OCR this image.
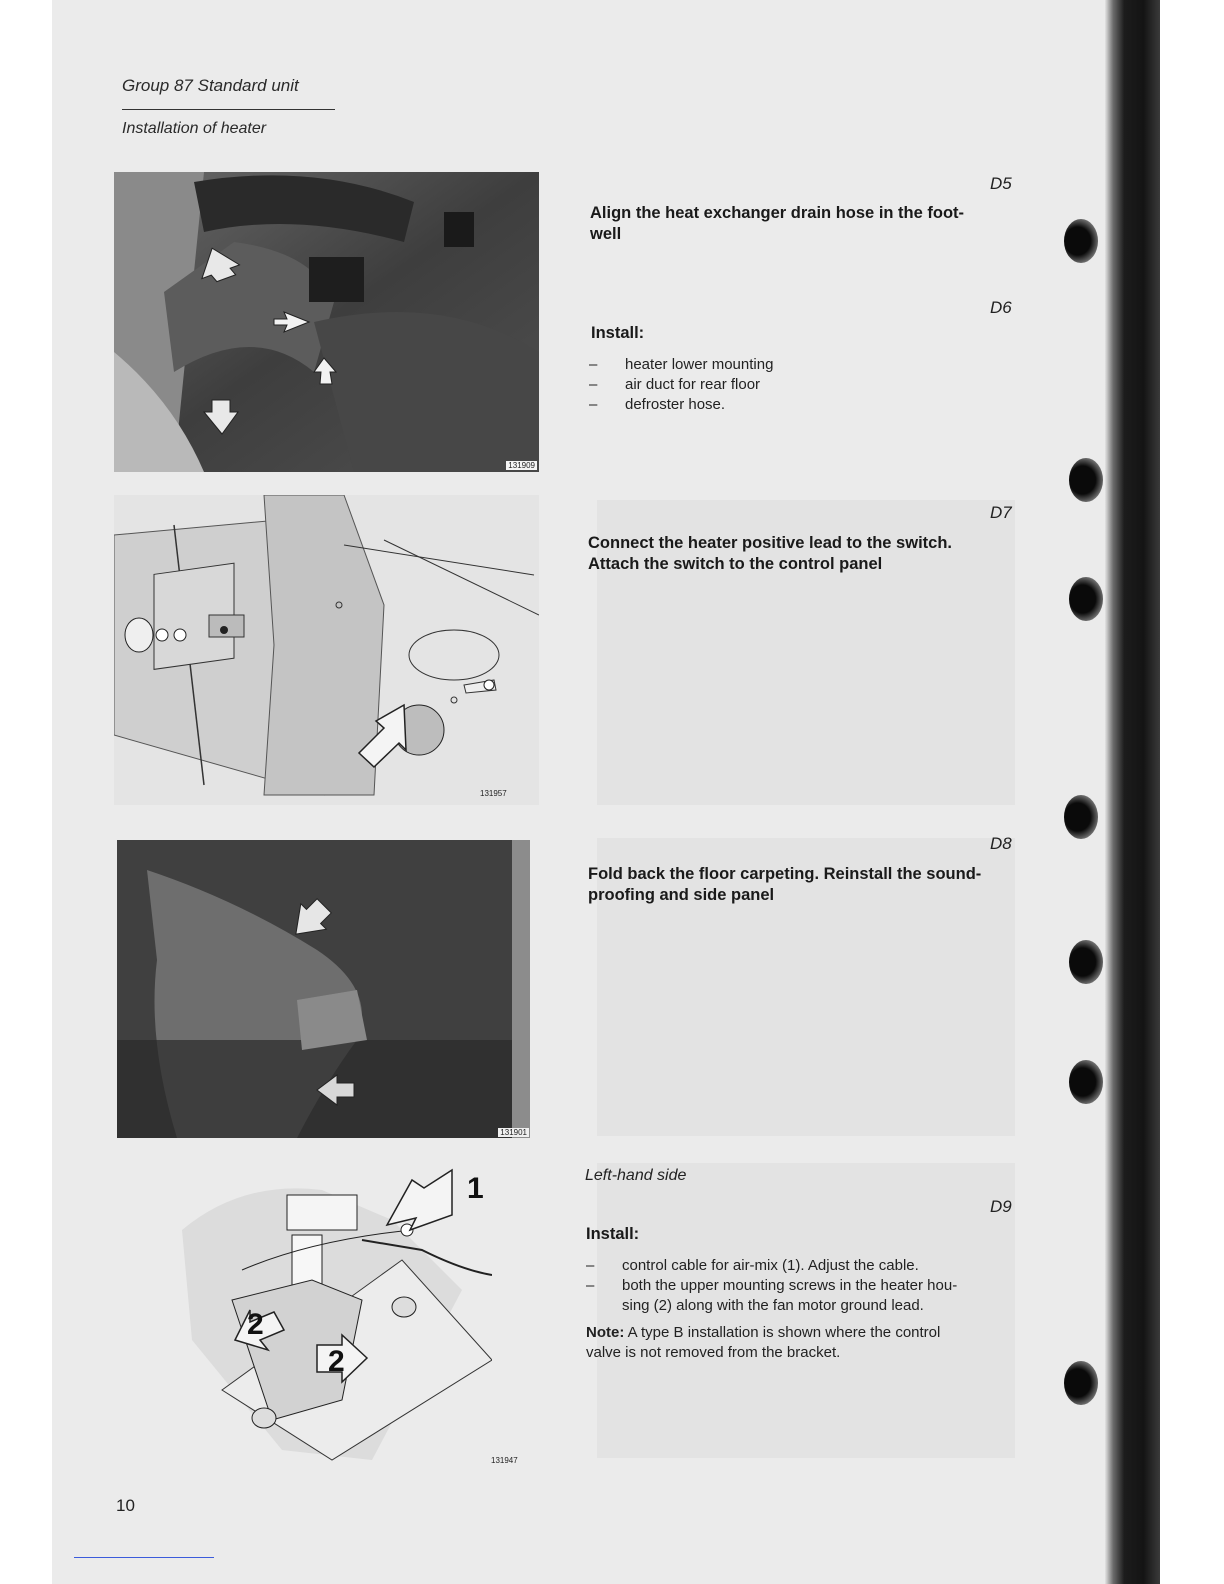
Group 87 Standard unit
Installation of heater
131909
D5
Align the heat exchanger drain hose in the foot-
well
D6
Install:
– heater lower mounting
– air duct for rear floor
– defroster hose.
131957
D7
Connect the heater positive lead to the switch.
Attach the switch to the control panel
131901
D8
Fold back the floor carpeting. Reinstall the sound-
proofing and side panel
1
2
2
131947
Left-hand side
D9
Install:
– control cable for air-mix (1). Adjust the cable.
– both the upper mounting screws in the heater hou-
sing (2) along with the fan motor ground lead.
Note: A type B installation is shown where the control
valve is not removed from the bracket.
10
